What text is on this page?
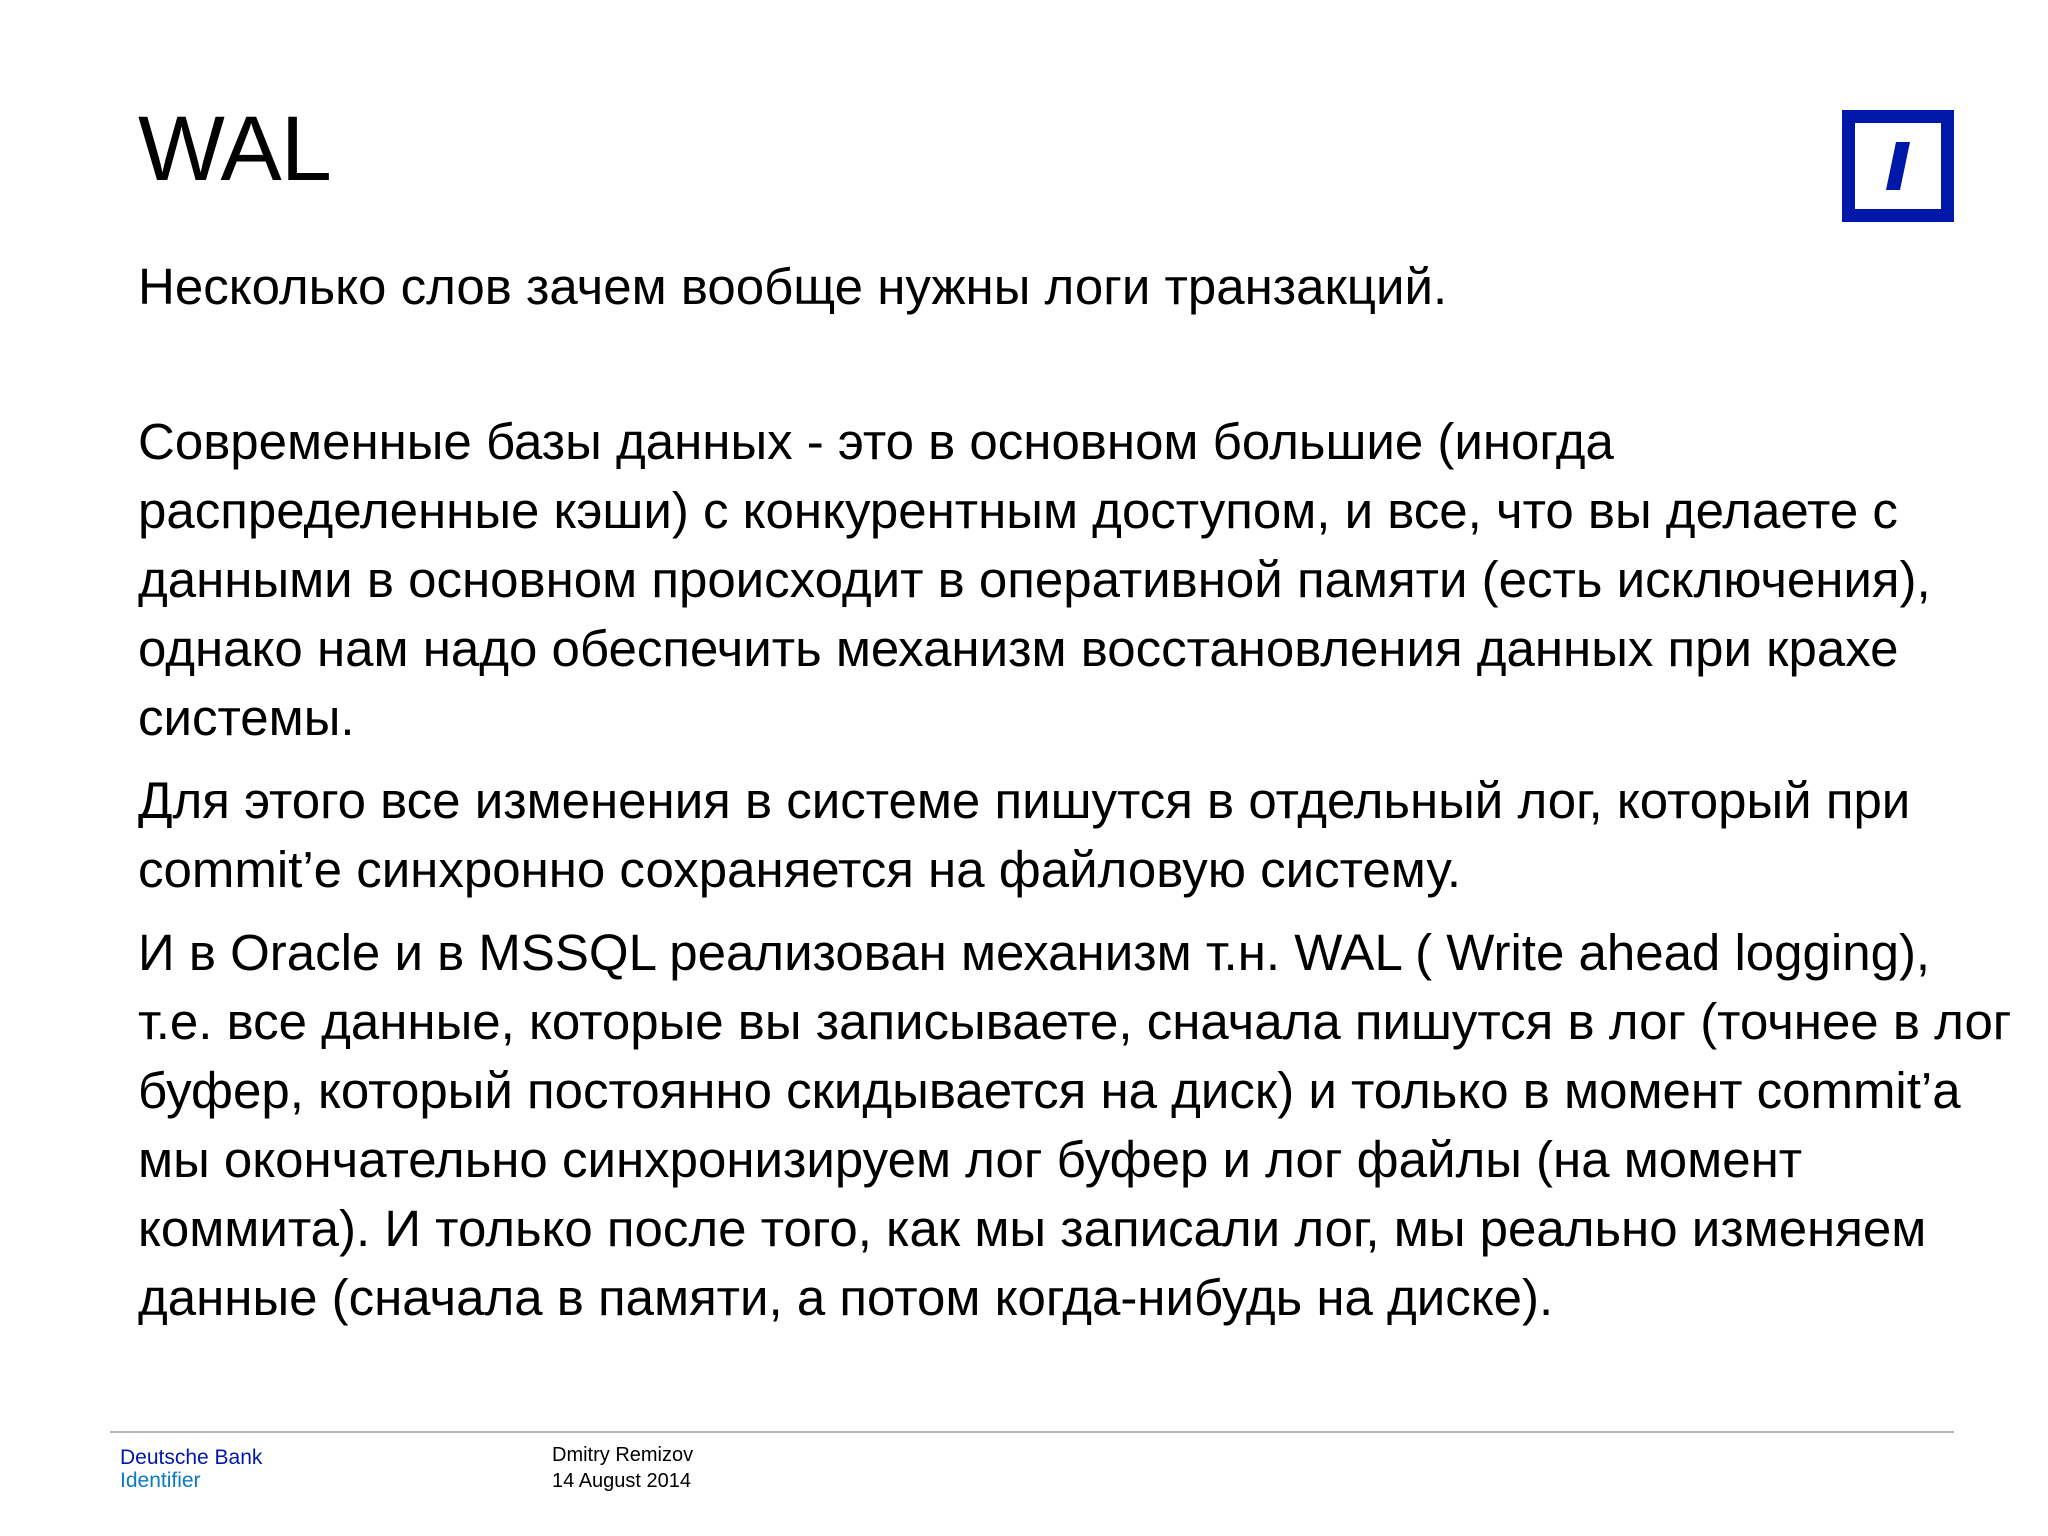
WAL

Несколько слов зачем вообще нужны логи транзакций.

Современные базы данных - это в основном большие (иногда распределенные кэши) с конкурентным доступом, и все, что вы делаете с данными в основном происходит в оперативной памяти (есть исключения), однако нам надо обеспечить механизм восстановления данных при крахе системы.

Для этого все изменения в системе пишутся в отдельный лог, который при commit’е синхронно сохраняется на файловую систему.

И в Oracle и в MSSQL реализован механизм т.н. WAL ( Write ahead logging), т.е. все данные, которые вы записываете, сначала пишутся в лог (точнее в лог буфер, который постоянно скидывается на диск) и только в момент commit’а мы окончательно синхронизируем лог буфер и лог файлы (на момент коммита). И только после того, как мы записали лог, мы реально изменяем данные (сначала в памяти, а потом когда-нибудь на диске).

Deutsche Bank
Identifier
Dmitry Remizov
14 August 2014
